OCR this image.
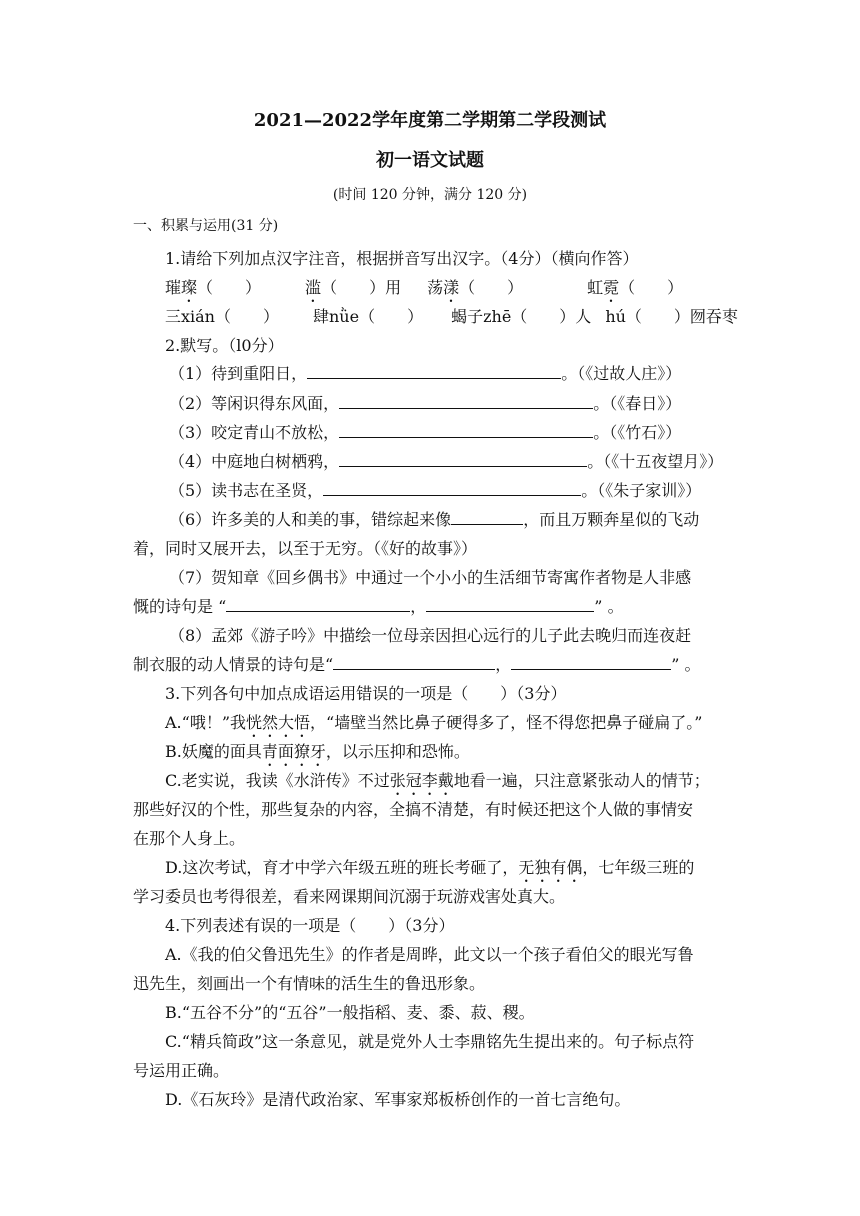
2021—2022学年度第二学期第二学段测试
初一语文试题
(时间 120 分钟，满分 120 分)
一、积累与运用(31 分)
1.请给下列加点汉字注音，根据拼音写出汉字。（4分）（横向作答）
璀璨（　　）	滥（　　）用 荡漾（　　）	虹霓（　　）
三xián（　　） 肆nǜe（　　） 蝎子zhē（　　）人 hú（　　）囫吞枣
2.默写。（l0分）
（1）待到重阳日，	。（《过故人庄》）
（2）等闲识得东风面，	。（《春日》）
（3）咬定青山不放松，	。（《竹石》）
（4）中庭地白树栖鸦，	。（《十五夜望月》）
（5）读书志在圣贤，	。（《朱子家训》）
（6）许多美的人和美的事，错综起来像	，而且万颗奔星似的飞动
着，同时又展开去，以至于无穷。（《好的故事》）
（7）贺知章《回乡偶书》中通过一个小小的生活细节寄寓作者物是人非感
慨的诗句是 “	，	” 。
（8）孟郊《游子吟》中描绘一位母亲因担心远行的儿子此去晚归而连夜赶
制衣服的动人情景的诗句是“	，	” 。
3.下列各句中加点成语运用错误的一项是（　　）（3分）
A.“哦！”我恍然大悟，“墙壁当然比鼻子硬得多了，怪不得您把鼻子碰扁了。”
B.妖魔的面具青面獠牙，以示压抑和恐怖。
C.老实说，我读《水浒传》不过张冠李戴地看一遍，只注意紧张动人的情节；
那些好汉的个性，那些复杂的内容，全搞不清楚，有时候还把这个人做的事情安
在那个人身上。
D.这次考试，育才中学六年级五班的班长考砸了，无独有偶，七年级三班的
学习委员也考得很差，看来网课期间沉溺于玩游戏害处真大。
4.下列表述有误的一项是（　　）（3分）
A.《我的伯父鲁迅先生》的作者是周晔，此文以一个孩子看伯父的眼光写鲁
迅先生，刻画出一个有情味的活生生的鲁迅形象。
B.“五谷不分”的“五谷”一般指稻、麦、黍、菽、稷。
C.“精兵简政”这一条意见，就是党外人士李鼎铭先生提出来的。句子标点符
号运用正确。
D.《石灰玲》是清代政治家、军事家郑板桥创作的一首七言绝句。
